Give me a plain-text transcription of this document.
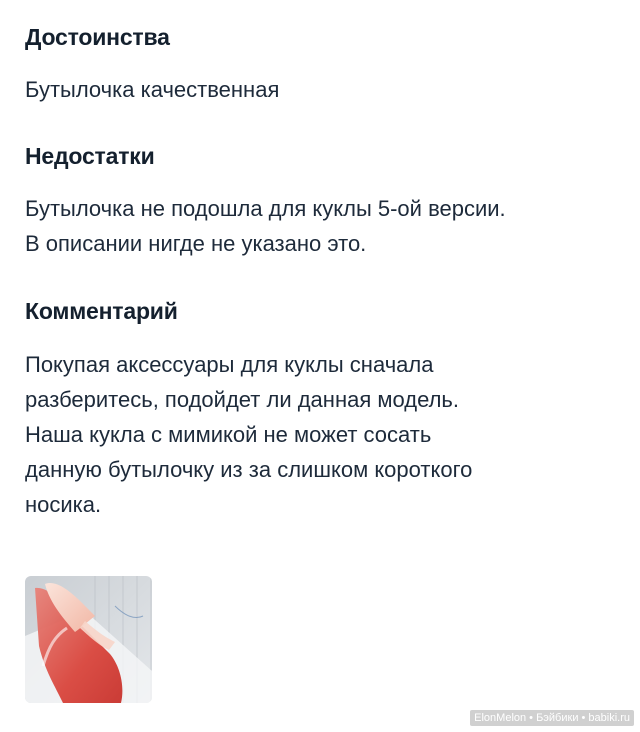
Достоинства
Бутылочка качественная
Недостатки
Бутылочка не подошла для куклы 5-ой версии.
В описании нигде не указано это.
Комментарий
Покупая аксессуары для куклы сначала
разберитесь, подойдет ли данная модель.
Наша кукла с мимикой не может сосать
данную бутылочку из за слишком короткого
носика.
ElonMelon • Бэйбики • babiki.ru
